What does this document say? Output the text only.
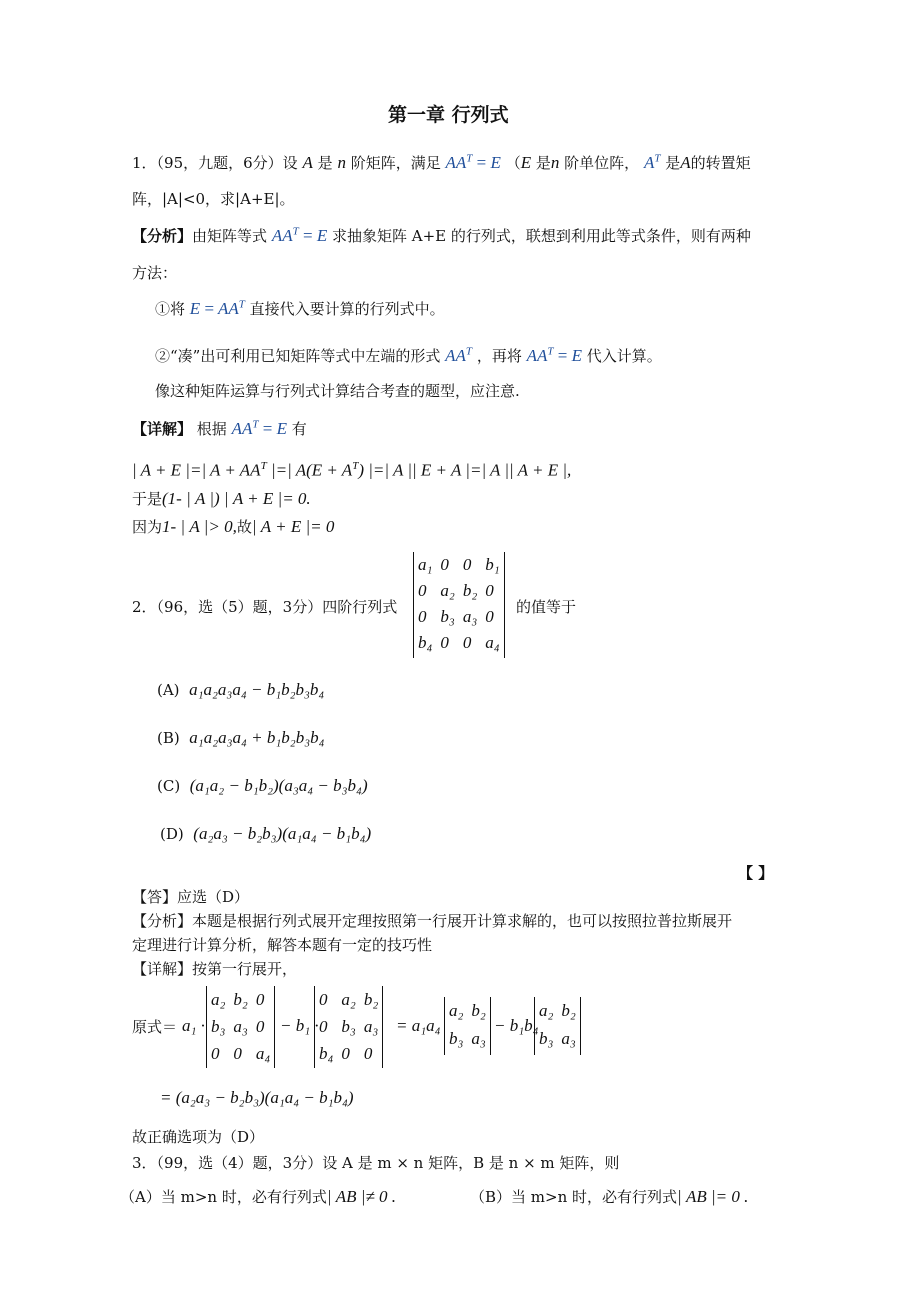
第一章 行列式
1．（95，九题，6分）设 A 是 n 阶矩阵，满足 $AA^T = E$ （E 是n 阶单位阵， $A^T$ 是A的转置矩
阵，|A|<0，求|A+E|。
【分析】由矩阵等式 $AA^T = E$ 求抽象矩阵 A+E 的行列式，联想到利用此等式条件，则有两种
方法：
①将 $E = AA^T$ 直接代入要计算的行列式中。
②“凑”出可利用已知矩阵等式中左端的形式 $AA^T$ ，再将 $AA^T = E$ 代入计算。
像这种矩阵运算与行列式计算结合考查的题型，应注意.
【详解】 根据 $AA^T = E$ 有
| A + E |=| $A + AA^T$ |=| $A(E + A^T)$ |=| A || E + A |=| A || A + E |,
于是(1- | A |) | A + E |= 0.
因为1- | A |> 0,故| A + E |= 0
2．（96，选（5）题，3分）四阶行列式
a₁	0	0	b₁
0	a₂	b₂	0
0	b₃	a₃	0
b₄	0	0	a₄
的值等于
(A) a₁a₂a₃a₄ − b₁b₂b₃b₄
(B) a₁a₂a₃a₄ + b₁b₂b₃b₄
(C) (a₁a₂ − b₁b₂)(a₃a₄ − b₃b₄)
(D) (a₂a₃ − b₂b₃)(a₁a₄ − b₁b₄)
【 】
【答】应选（D）
【分析】本题是根据行列式展开定理按照第一行展开计算求解的，也可以按照拉普拉斯展开
定理进行计算分析，解答本题有一定的技巧性
【详解】按第一行展开，
原式＝ a₁ ·
a₂	b₂	0
b₃	a₃	0
0	0	a₄
− b₁ ·
0	a₂	b₂
0	b₃	a₃
b₄	0	0
= a₁a₄
a₂	b₂
b₃	a₃
− b₁b₄
a₂	b₂
b₃	a₃
= (a₂a₃ − b₂b₃)(a₁a₄ − b₁b₄)
故正确选项为（D）
3．（99，选（4）题，3分）设 A 是 m × n 矩阵，B 是 n × m 矩阵，则
（A）当 m>n 时，必有行列式| AB |≠ 0 .	（B）当 m>n 时，必有行列式| AB |= 0 .
